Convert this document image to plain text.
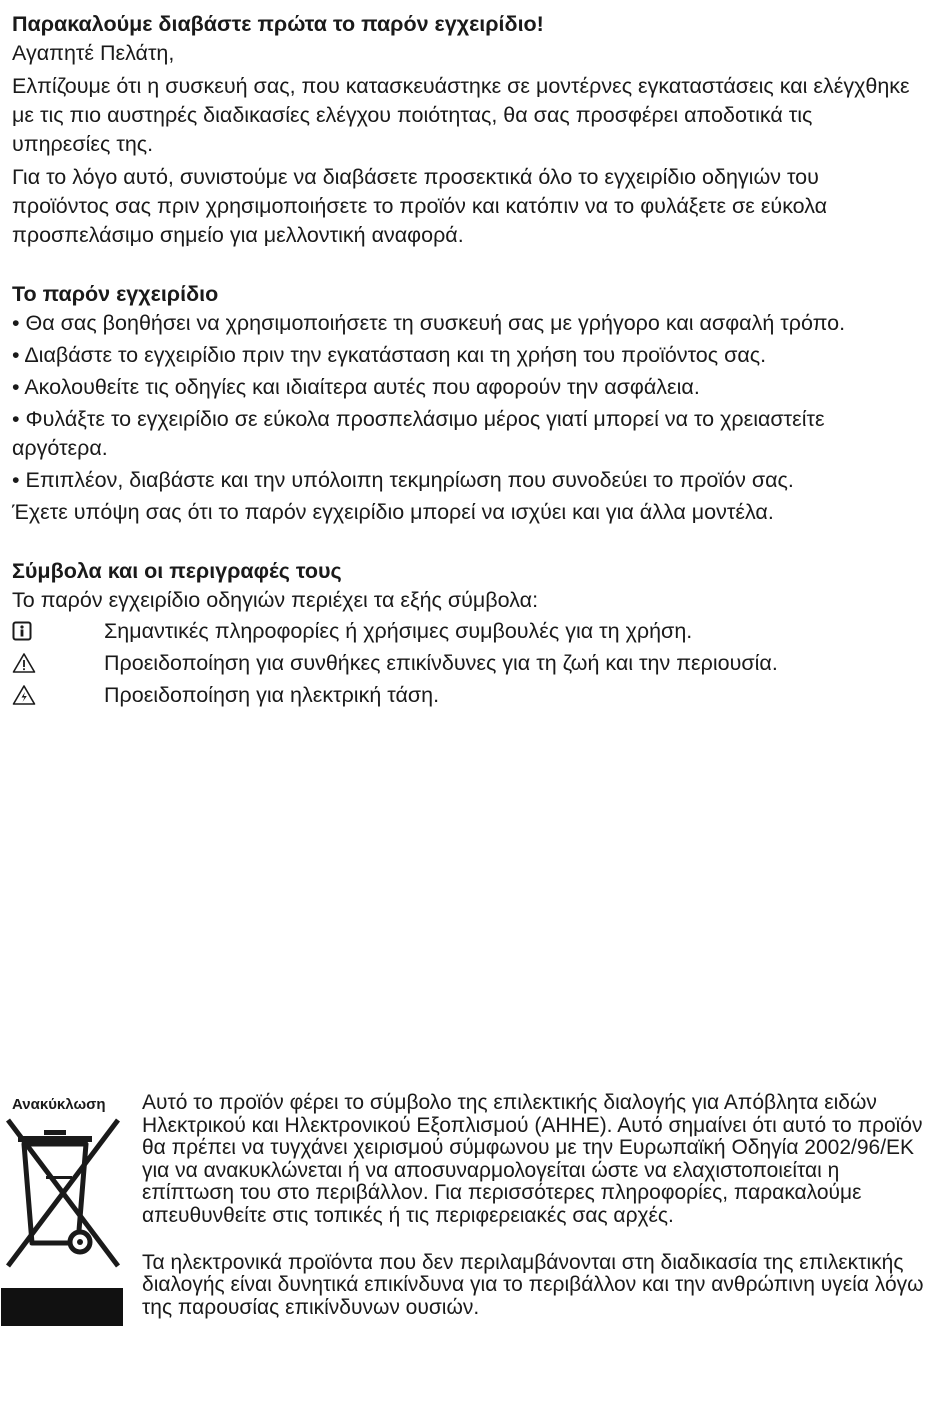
Παρακαλούμε διαβάστε πρώτα το παρόν εγχειρίδιο!

Αγαπητέ Πελάτη,

Ελπίζουμε ότι η συσκευή σας, που κατασκευάστηκε σε μοντέρνες εγκαταστάσεις και ελέγχθηκε με τις πιο αυστηρές διαδικασίες ελέγχου ποιότητας, θα σας προσφέρει αποδοτικά τις υπηρεσίες της.

Για το λόγο αυτό, συνιστούμε να διαβάσετε προσεκτικά όλο το εγχειρίδιο οδηγιών του προϊόντος σας πριν χρησιμοποιήσετε το προϊόν και κατόπιν να το φυλάξετε σε εύκολα προσπελάσιμο σημείο για μελλοντική αναφορά.

Το παρόν εγχειρίδιο

• Θα σας βοηθήσει να χρησιμοποιήσετε τη συσκευή σας με γρήγορο και ασφαλή τρόπο.

• Διαβάστε το εγχειρίδιο πριν την εγκατάσταση και τη χρήση του προϊόντος σας.

• Ακολουθείτε τις οδηγίες και ιδιαίτερα αυτές που αφορούν την ασφάλεια.

• Φυλάξτε το εγχειρίδιο σε εύκολα προσπελάσιμο μέρος γιατί μπορεί να το χρειαστείτε αργότερα.

• Επιπλέον, διαβάστε και την υπόλοιπη τεκμηρίωση που συνοδεύει το προϊόν σας.

Έχετε υπόψη σας ότι το παρόν εγχειρίδιο μπορεί να ισχύει και για άλλα μοντέλα.

Σύμβολα και οι περιγραφές τους

Το παρόν εγχειρίδιο οδηγιών περιέχει τα εξής σύμβολα:

Σημαντικές πληροφορίες ή χρήσιμες συμβουλές για τη χρήση.
Προειδοποίηση για συνθήκες επικίνδυνες για τη ζωή και την περιουσία.
Προειδοποίηση για ηλεκτρική τάση.
Ανακύκλωση Αυτό το προϊόν φέρει το σύμβολο της επιλεκτικής διαλογής για Απόβλητα ειδών Ηλεκτρικού και Ηλεκτρονικού Εξοπλισμού (ΑΗΗΕ). Αυτό σημαίνει ότι αυτό το προϊόν θα πρέπει να τυγχάνει χειρισμού σύμφωνου με την Ευρωπαϊκή Οδηγία 2002/96/ΕΚ για να ανακυκλώνεται ή να αποσυναρμολογείται ώστε να ελαχιστοποιείται η επίπτωση του στο περιβάλλον. Για περισσότερες πληροφορίες, παρακαλούμε απευθυνθείτε στις τοπικές ή τις περιφερειακές σας αρχές.

Τα ηλεκτρονικά προϊόντα που δεν περιλαμβάνονται στη διαδικασία της επιλεκτικής διαλογής είναι δυνητικά επικίνδυνα για το περιβάλλον και την ανθρώπινη υγεία λόγω της παρουσίας επικίνδυνων ουσιών.
